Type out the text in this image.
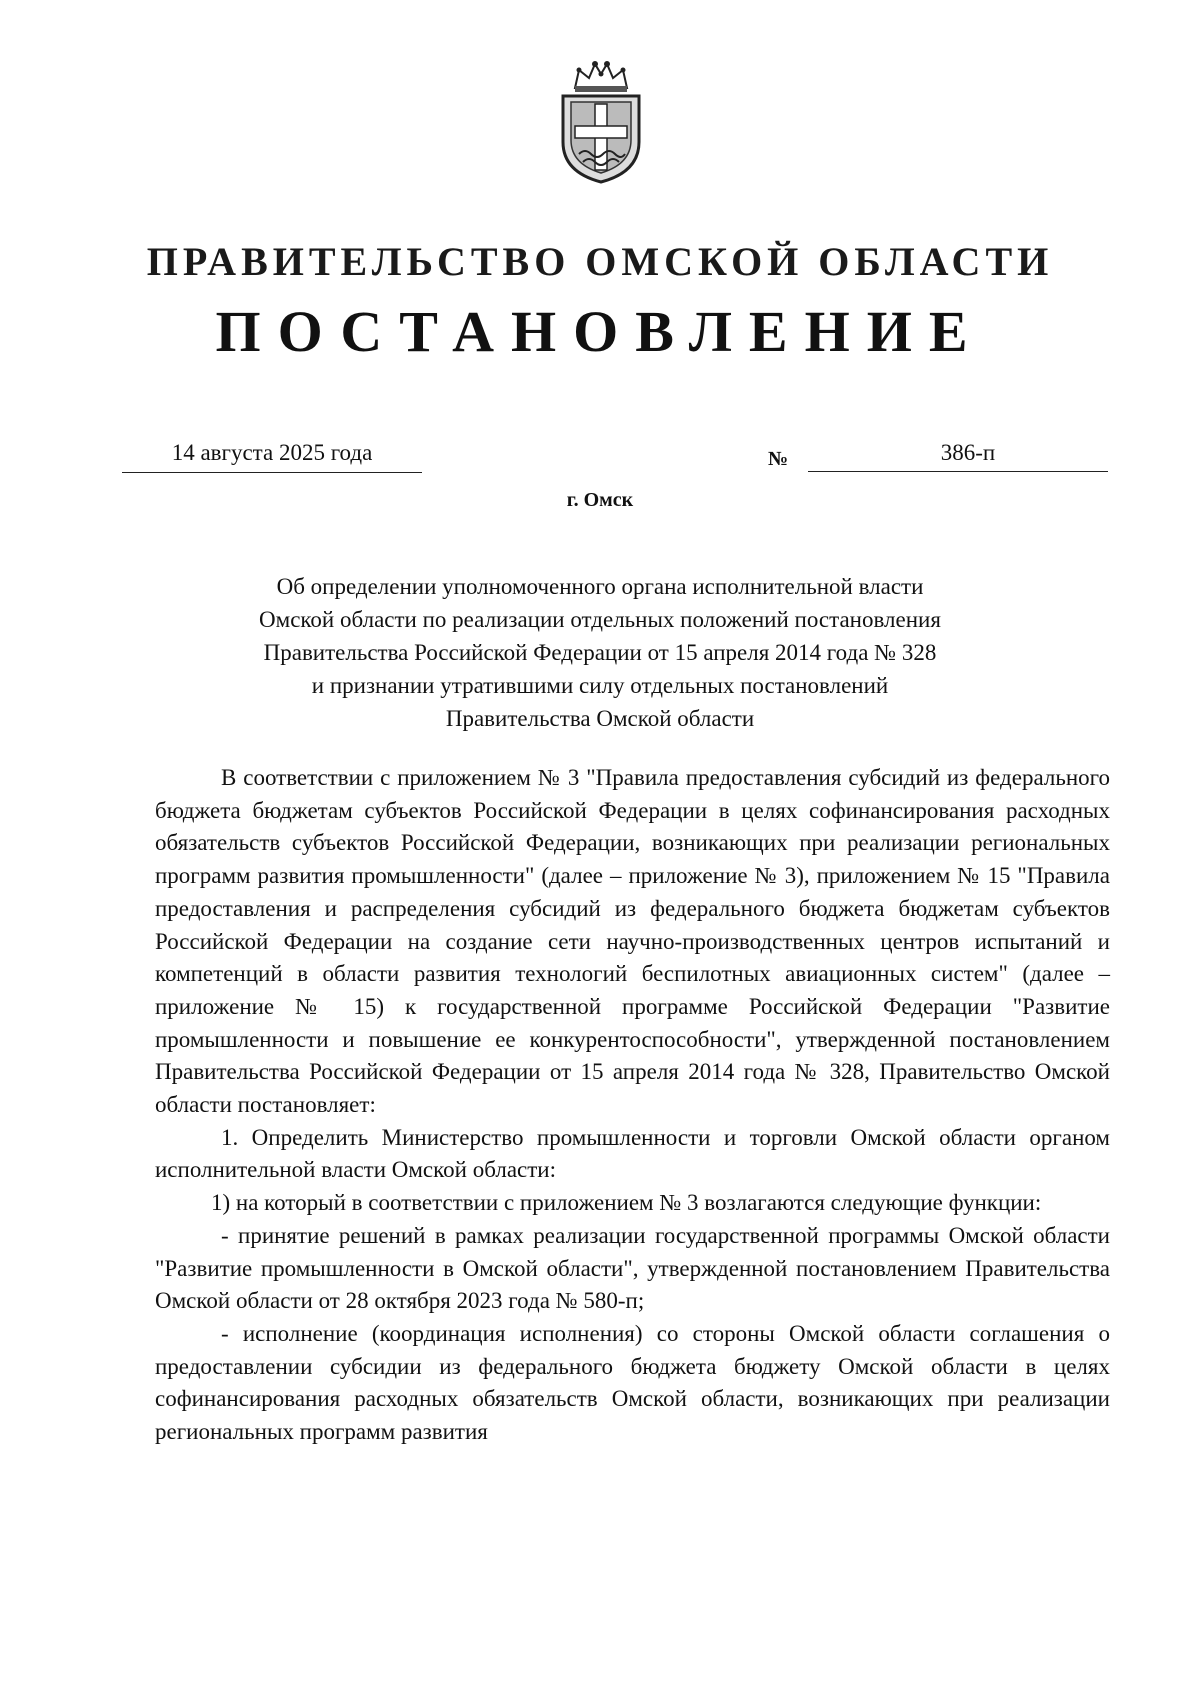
ПРАВИТЕЛЬСТВО ОМСКОЙ ОБЛАСТИ
ПОСТАНОВЛЕНИЕ
14 августа 2025 года	№	386-п
г. Омск
Об определении уполномоченного органа исполнительной власти
Омской области по реализации отдельных положений постановления
Правительства Российской Федерации от 15 апреля 2014 года № 328
и признании утратившими силу отдельных постановлений
Правительства Омской области

В соответствии с приложением № 3 "Правила предоставления субсидий из федерального бюджета бюджетам субъектов Российской Федерации в целях софинансирования расходных обязательств субъектов Российской Федерации, возникающих при реализации региональных программ развития промышленности" (далее – приложение № 3), приложением № 15 "Правила предоставления и распределения субсидий из федерального бюджета бюджетам субъектов Российской Федерации на создание сети научно-производственных центров испытаний и компетенций в области развития технологий беспилотных авиационных систем" (далее – приложение № 15) к государственной программе Российской Федерации "Развитие промышленности и повышение ее конкурентоспособности", утвержденной постановлением Правительства Российской Федерации от 15 апреля 2014 года № 328, Правительство Омской области постановляет:

1. Определить Министерство промышленности и торговли Омской области органом исполнительной власти Омской области:

1) на который в соответствии с приложением № 3 возлагаются следующие функции:

- принятие решений в рамках реализации государственной программы Омской области "Развитие промышленности в Омской области", утвержденной постановлением Правительства Омской области от 28 октября 2023 года № 580-п;

- исполнение (координация исполнения) со стороны Омской области соглашения о предоставлении субсидии из федерального бюджета бюджету Омской области в целях софинансирования расходных обязательств Омской области, возникающих при реализации региональных программ развития
